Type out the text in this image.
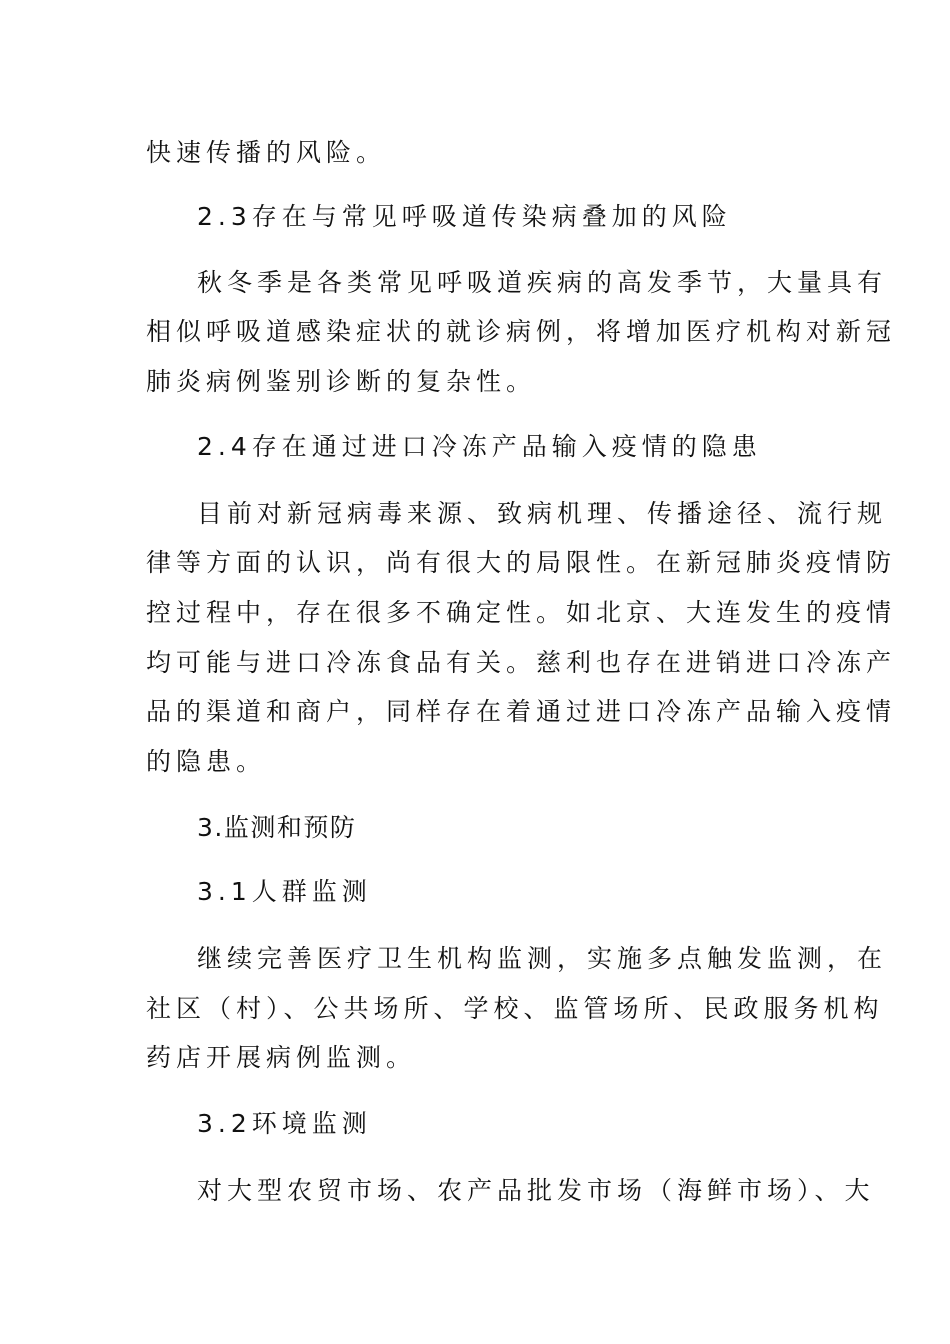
快速传播的风险。
2.3存在与常见呼吸道传染病叠加的风险
秋冬季是各类常见呼吸道疾病的高发季节，大量具有
相似呼吸道感染症状的就诊病例，将增加医疗机构对新冠
肺炎病例鉴别诊断的复杂性。
2.4存在通过进口冷冻产品输入疫情的隐患
目前对新冠病毒来源、致病机理、传播途径、流行规
律等方面的认识，尚有很大的局限性。在新冠肺炎疫情防
控过程中，存在很多不确定性。如北京、大连发生的疫情
均可能与进口冷冻食品有关。慈利也存在进销进口冷冻产
品的渠道和商户，同样存在着通过进口冷冻产品输入疫情
的隐患。
3.监测和预防
3.1人群监测
继续完善医疗卫生机构监测，实施多点触发监测，在
社区（村）、公共场所、学校、监管场所、民政服务机构
药店开展病例监测。
3.2环境监测
对大型农贸市场、农产品批发市场（海鲜市场）、大
